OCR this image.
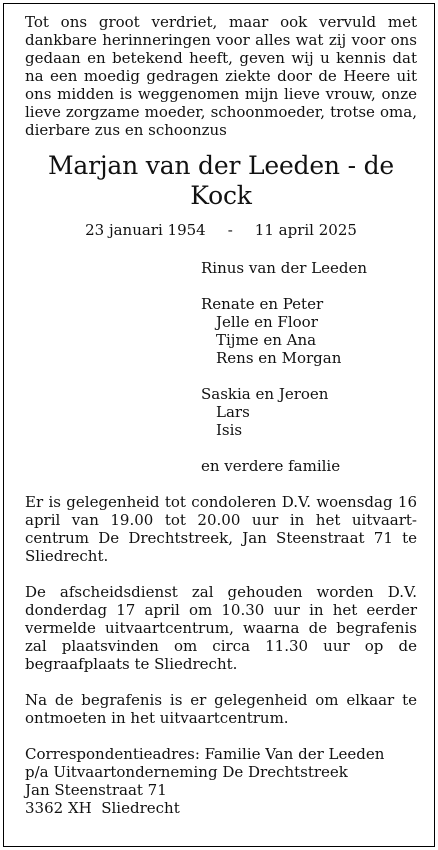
Tot ons groot verdriet, maar ook vervuld met dankbare herinneringen voor alles wat zij voor ons gedaan en betekend heeft, geven wij u kennis dat na een moedig gedragen ziekte door de Heere uit ons midden is weggenomen mijn lieve vrouw, onze lieve zorgzame moeder, schoonmoeder, trotse oma, dierbare zus en schoonzus

Marjan van der Leeden - de Kock
23 januari 1954 - 11 april 2025
Rinus van der Leeden
Renate en Peter
Jelle en Floor
Tijme en Ana
Rens en Morgan
Saskia en Jeroen
Lars
Isis
en verdere familie

Er is gelegenheid tot condoleren D.V. woensdag 16 april van 19.00 tot 20.00 uur in het uitvaart-centrum De Drechtstreek, Jan Steenstraat 71 te Sliedrecht.

De afscheidsdienst zal gehouden worden D.V. donderdag 17 april om 10.30 uur in het eerder vermelde uitvaartcentrum, waarna de begrafenis zal plaatsvinden om circa 11.30 uur op de begraafplaats te Sliedrecht.

Na de begrafenis is er gelegenheid om elkaar te ontmoeten in het uitvaartcentrum.

Correspondentieadres: Familie Van der Leeden
p/a Uitvaartonderneming De Drechtstreek
Jan Steenstraat 71
3362 XH  Sliedrecht
